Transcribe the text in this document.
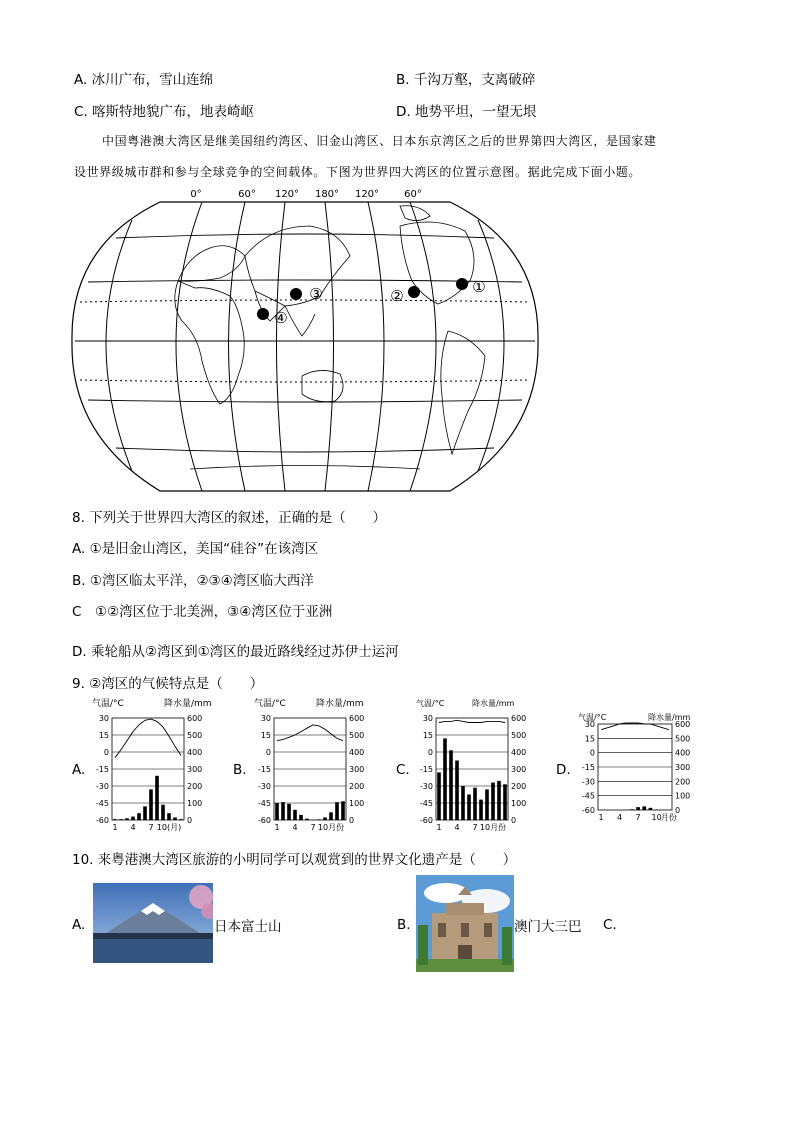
A. 冰川广布，雪山连绵	B. 千沟万壑，支离破碎
C. 喀斯特地貌广布，地表崎岖	D. 地势平坦，一望无垠
中国粤港澳大湾区是继美国纽约湾区、旧金山湾区、日本东京湾区之后的世界第四大湾区，是国家建
设世界级城市群和参与全球竞争的空间载体。下图为世界四大湾区的位置示意图。据此完成下面小题。
0°	60° 120° 180° 120°	60°
①
②
③
④
8. 下列关于世界四大湾区的叙述，正确的是（　　）
A. ①是旧金山湾区，美国“硅谷”在该湾区
B. ①湾区临太平洋，②③④湾区临大西洋
C　①②湾区位于北美洲，③④湾区位于亚洲
D. 乘轮船从②湾区到①湾区的最近路线经过苏伊士运河
9. ②湾区的气候特点是（　　）
A.	B.	C.	D.
气温/°C	降水量/mm
30	600
15	500
0	400
-15	300
-30	200
-45	100
-60	0
1 4 7 10(月)
气温/°C	降水量/mm
30	600
15	500
0	400
-15	300
-30	200
-45	100
-60	0
1 4 7 10月份
气温/°C	降水量/mm
30	600
15	500
0	400
-15	300
-30	200
-45	100
-60	0
1 4 7 10月份
气温/°C	降水量/mm
30	600
15	500
0	400
-15	300
-30	200
-45	100
-60	0
1 4 7 10 月份
10. 来粤港澳大湾区旅游的小明同学可以观赏到的世界文化遗产是（　　）
A.	日本富士山	B.	澳门大三巴 C.
